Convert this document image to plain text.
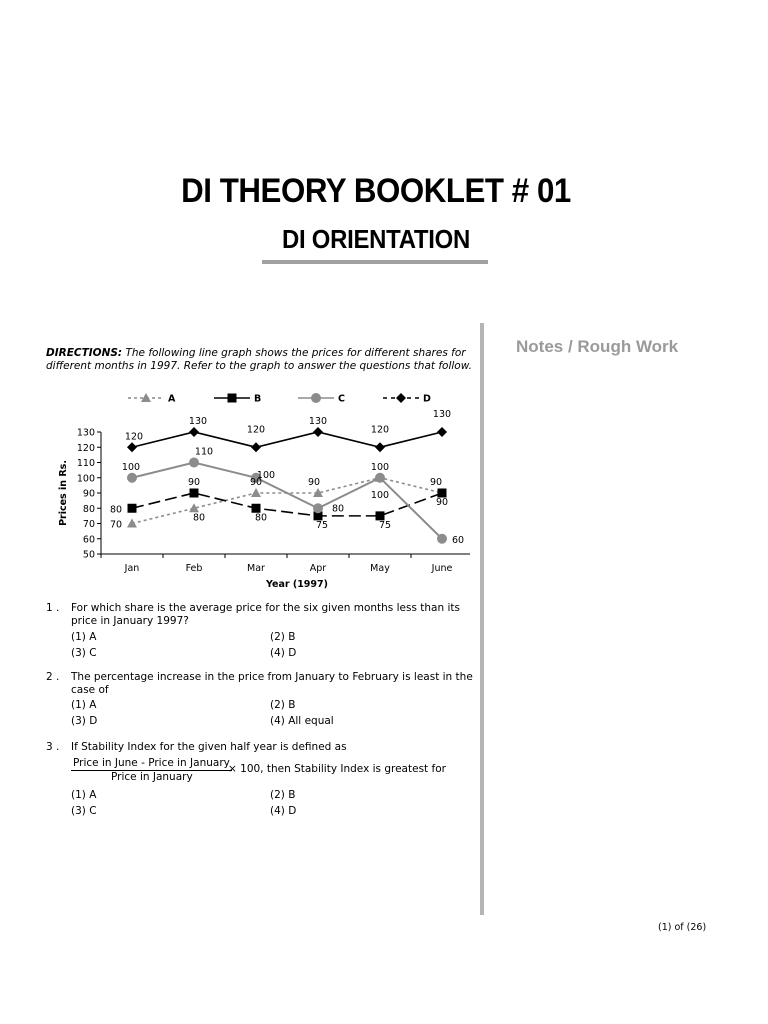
DI THEORY BOOKLET # 01
DI ORIENTATION
Notes / Rough Work
DIRECTIONS: The following line graph shows the prices for different shares for different months in 1997. Refer to the graph to answer the questions that follow.
50
60
70
80
90
100
110
120
130
Jan	Feb	Mar	Apr	May	June
Prices in Rs.
Year (1997)
70
80
90	90
100
90
80
90
80
75	75
90
100
110
100
80
100
60
120
130
120
130
120
130
A	B	C	D
1 . For which share is the average price for the six given months less than its price in January 1997?
(1) A	(2) B
(3) C	(4) D
2 . The percentage increase in the price from January to February is least in the case of
(1) A	(2) B
(3) D	(4) All equal
3 . If Stability Index for the given half year is defined as
Price in June - Price in January
Price in January
× 100, then Stability Index is greatest for
(1) A	(2) B
(3) C	(4) D
(1) of (26)
